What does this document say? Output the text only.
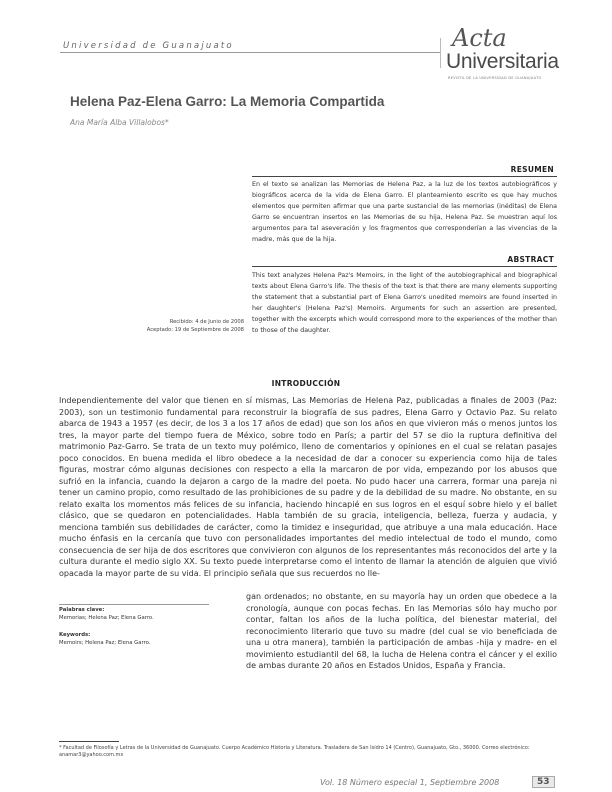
Universidad de Guanajuato	Acta
Universitaria
REVISTA DE LA UNIVERSIDAD DE GUANAJUATO
Helena Paz-Elena Garro: La Memoria Compartida
Ana María Alba Villalobos*
RESUMEN
En el texto se analizan las Memorias de Helena Paz, a la luz de los textos autobiográficos y biográficos acerca de la vida de Elena Garro. El planteamiento escrito es que hay muchos elementos que permiten afirmar que una parte sustancial de las memorias (inéditas) de Elena Garro se encuentran insertos en las Memorias de su hija, Helena Paz. Se muestran aquí los argumentos para tal aseveración y los fragmentos que corresponderían a las vivencias de la madre, más que de la hija.
ABSTRACT
This text analyzes Helena Paz's Memoirs, in the light of the autobiographical and biographical texts about Elena Garro's life. The thesis of the text is that there are many elements supporting the statement that a substantial part of Elena Garro's unedited memoirs are found inserted in her daughter's (Helena Paz's) Memoirs. Arguments for such an assertion are presented, together with the excerpts which would correspond more to the experiences of the mother than to those of the daughter.
Recibido: 4 de Junio de 2008
Aceptado: 19 de Septiembre de 2008
INTRODUCCIÓN
Independientemente del valor que tienen en sí mismas, Las Memorias de Helena Paz, publicadas a finales de 2003 (Paz: 2003), son un testimonio fundamental para reconstruir la biografía de sus padres, Elena Garro y Octavio Paz. Su relato abarca de 1943 a 1957 (es decir, de los 3 a los 17 años de edad) que son los años en que vivieron más o menos juntos los tres, la mayor parte del tiempo fuera de México, sobre todo en París; a partir del 57 se dio la ruptura definitiva del matrimonio Paz-Garro. Se trata de un texto muy polémico, lleno de comentarios y opiniones en el cual se relatan pasajes poco conocidos. En buena medida el libro obedece a la necesidad de dar a conocer su experiencia como hija de tales figuras, mostrar cómo algunas decisiones con respecto a ella la marcaron de por vida, empezando por los abusos que sufrió en la infancia, cuando la dejaron a cargo de la madre del poeta. No pudo hacer una carrera, formar una pareja ni tener un camino propio, como resultado de las prohibiciones de su padre y de la debilidad de su madre. No obstante, en su relato exalta los momentos más felices de su infancia, haciendo hincapié en sus logros en el esquí sobre hielo y el ballet clásico, que se quedaron en potencialidades. Habla también de su gracia, inteligencia, belleza, fuerza y audacia, y menciona también sus debilidades de carácter, como la timidez e inseguridad, que atribuye a una mala educación. Hace mucho énfasis en la cercanía que tuvo con personalidades importantes del medio intelectual de todo el mundo, como consecuencia de ser hija de dos escritores que convivieron con algunos de los representantes más reconocidos del arte y la cultura durante el medio siglo XX. Su texto puede interpretarse como el intento de llamar la atención de alguien que vivió opacada la mayor parte de su vida. El principio señala que sus recuerdos no lle-
gan ordenados; no obstante, en su mayoría hay un orden que obedece a la cronología, aunque con pocas fechas. En las Memorias sólo hay mucho por contar, faltan los años de la lucha política, del bienestar material, del reconocimiento literario que tuvo su madre (del cual se vio beneficiada de una u otra manera), también la participación de ambas -hija y madre- en el movimiento estudiantil del 68, la lucha de Helena contra el cáncer y el exilio de ambas durante 20 años en Estados Unidos, España y Francia.
Palabras clave:
Memorias; Helena Paz; Elena Garro.
Keywords:
Memoirs; Helena Paz; Elena Garro.
* Facultad de Filosofía y Letras de la Universidad de Guanajuato. Cuerpo Académico Historia y Literatura. Trasladera de San Isidro 14 (Centro), Guanajuato, Gto., 36000. Correo electrónico: anamar3@yahoo.com.mx
Vol. 18 Número especial 1, Septiembre 2008	53
